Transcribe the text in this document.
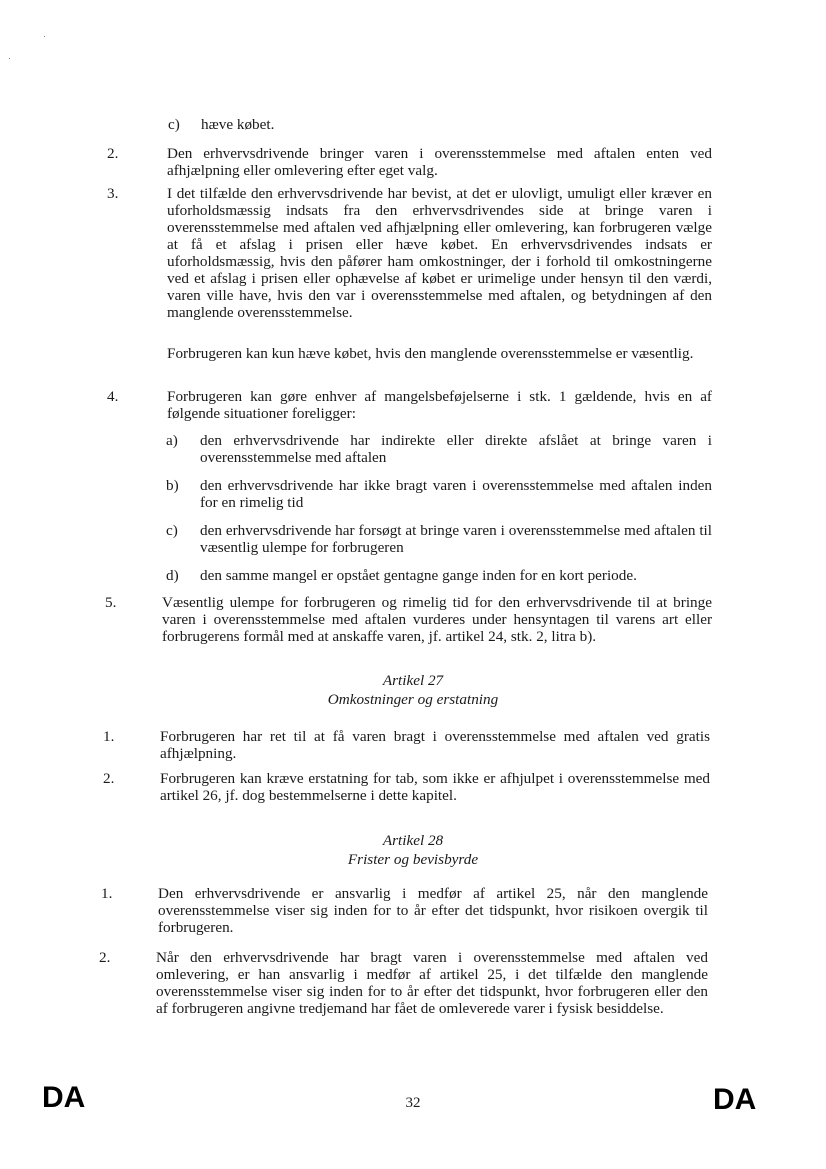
c) hæve købet.
2.	Den erhvervsdrivende bringer varen i overensstemmelse med aftalen enten ved afhjælpning eller omlevering efter eget valg.
3.	I det tilfælde den erhvervsdrivende har bevist, at det er ulovligt, umuligt eller kræver en uforholdsmæssig indsats fra den erhvervsdrivendes side at bringe varen i overensstemmelse med aftalen ved afhjælpning eller omlevering, kan forbrugeren vælge at få et afslag i prisen eller hæve købet. En erhvervsdrivendes indsats er uforholdsmæssig, hvis den påfører ham omkostninger, der i forhold til omkostningerne ved et afslag i prisen eller ophævelse af købet er urimelige under hensyn til den værdi, varen ville have, hvis den var i overensstemmelse med aftalen, og betydningen af den manglende overensstemmelse.
Forbrugeren kan kun hæve købet, hvis den manglende overensstemmelse er væsentlig.
4.	Forbrugeren kan gøre enhver af mangelsbeføjelserne i stk. 1 gældende, hvis en af følgende situationer foreligger:
a) den erhvervsdrivende har indirekte eller direkte afslået at bringe varen i overensstemmelse med aftalen
b) den erhvervsdrivende har ikke bragt varen i overensstemmelse med aftalen inden for en rimelig tid
c) den erhvervsdrivende har forsøgt at bringe varen i overensstemmelse med aftalen til væsentlig ulempe for forbrugeren
d) den samme mangel er opstået gentagne gange inden for en kort periode.
5.	Væsentlig ulempe for forbrugeren og rimelig tid for den erhvervsdrivende til at bringe varen i overensstemmelse med aftalen vurderes under hensyntagen til varens art eller forbrugerens formål med at anskaffe varen, jf. artikel 24, stk. 2, litra b).
Artikel 27
Omkostninger og erstatning
1.	Forbrugeren har ret til at få varen bragt i overensstemmelse med aftalen ved gratis afhjælpning.
2.	Forbrugeren kan kræve erstatning for tab, som ikke er afhjulpet i overensstemmelse med artikel 26, jf. dog bestemmelserne i dette kapitel.
Artikel 28
Frister og bevisbyrde
1.	Den erhvervsdrivende er ansvarlig i medfør af artikel 25, når den manglende overensstemmelse viser sig inden for to år efter det tidspunkt, hvor risikoen overgik til forbrugeren.
2.	Når den erhvervsdrivende har bragt varen i overensstemmelse med aftalen ved omlevering, er han ansvarlig i medfør af artikel 25, i det tilfælde den manglende overensstemmelse viser sig inden for to år efter det tidspunkt, hvor forbrugeren eller den af forbrugeren angivne tredjemand har fået de omleverede varer i fysisk besiddelse.
DA	32	DA
